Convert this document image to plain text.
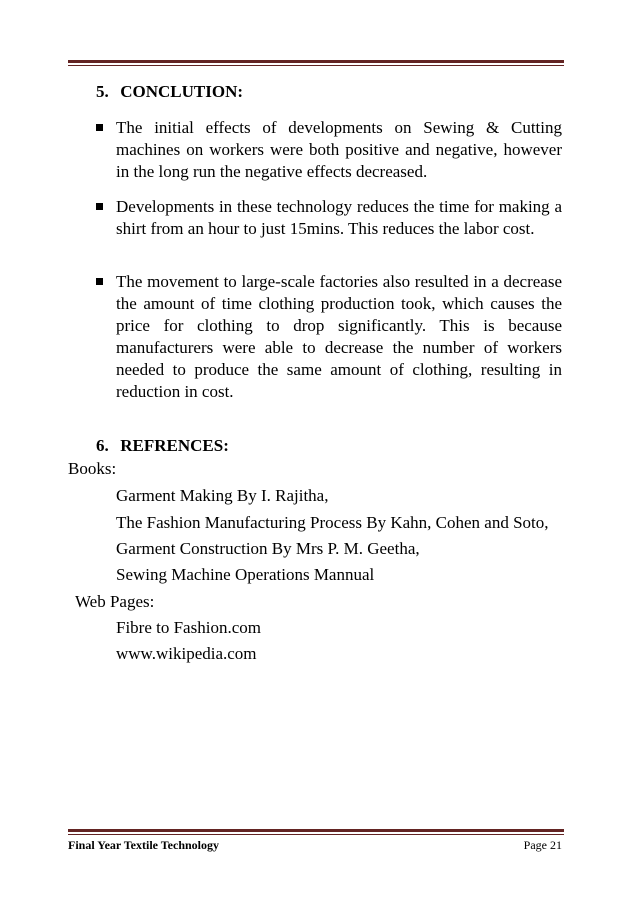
5. CONCLUTION:
The initial effects of developments on Sewing & Cutting machines on workers were both positive and negative, however in the long run the negative effects decreased.
Developments in these technology reduces the time for making a shirt from an hour to just 15mins. This reduces the labor cost.
The movement to large-scale factories also resulted in a decrease the amount of time clothing production took, which causes the price for clothing to drop significantly. This is because manufacturers were able to decrease the number of workers needed to produce the same amount of clothing, resulting in reduction in cost.
6. REFRENCES:
Books:
Garment Making By I. Rajitha,
The Fashion Manufacturing Process By Kahn, Cohen and Soto,
Garment Construction By Mrs P. M. Geetha,
Sewing Machine Operations Mannual
Web Pages:
Fibre to Fashion.com
www.wikipedia.com
Final Year Textile Technology	Page 21
